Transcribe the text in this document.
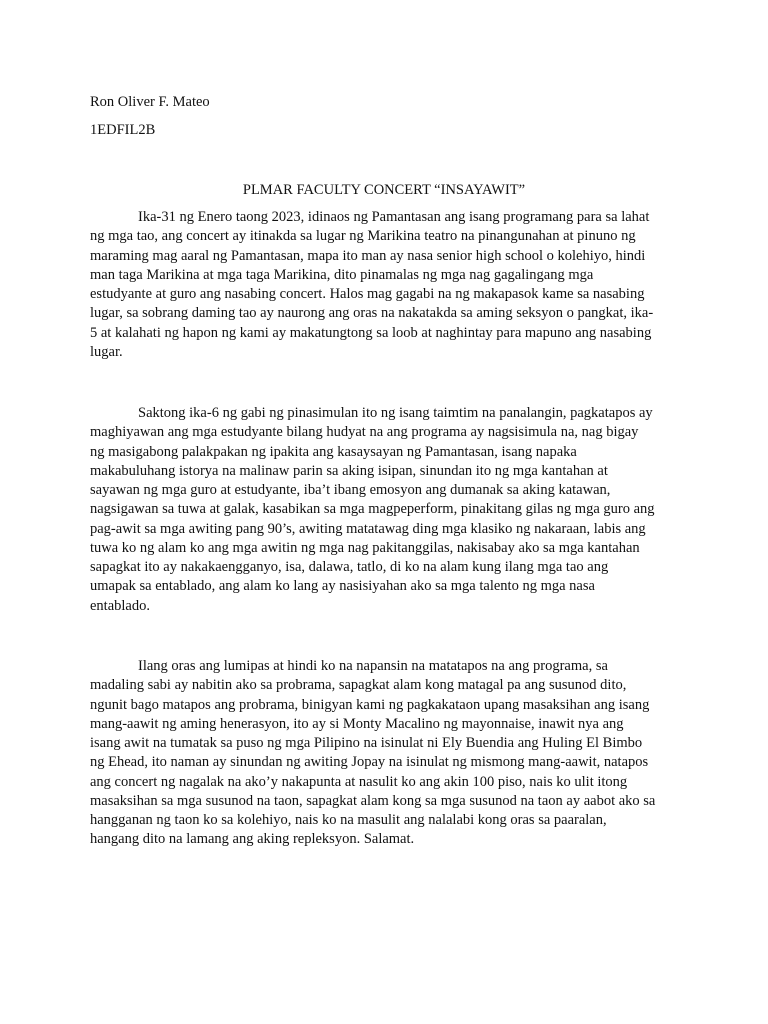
Ron Oliver F. Mateo
1EDFIL2B
PLMAR FACULTY CONCERT “INSAYAWIT”
Ika-31 ng Enero taong 2023, idinaos ng Pamantasan ang isang programang para sa lahat
ng mga tao, ang concert ay itinakda sa lugar ng Marikina teatro na pinangunahan at pinuno ng
maraming mag aaral ng Pamantasan, mapa ito man ay nasa senior high school o kolehiyo, hindi
man taga Marikina at mga taga Marikina, dito pinamalas ng mga nag gagalingang mga
estudyante at guro ang nasabing concert. Halos mag gagabi na ng makapasok kame sa nasabing
lugar, sa sobrang daming tao ay naurong ang oras na nakatakda sa aming seksyon o pangkat, ika-
5 at kalahati ng hapon ng kami ay makatungtong sa loob at naghintay para mapuno ang nasabing
lugar.
Saktong ika-6 ng gabi ng pinasimulan ito ng isang taimtim na panalangin, pagkatapos ay
maghiyawan ang mga estudyante bilang hudyat na ang programa ay nagsisimula na, nag bigay
ng masigabong palakpakan ng ipakita ang kasaysayan ng Pamantasan, isang napaka
makabuluhang istorya na malinaw parin sa aking isipan, sinundan ito ng mga kantahan at
sayawan ng mga guro at estudyante, iba’t ibang emosyon ang dumanak sa aking katawan,
nagsigawan sa tuwa at galak, kasabikan sa mga magpeperform, pinakitang gilas ng mga guro ang
pag-awit sa mga awiting pang 90’s, awiting matatawag ding mga klasiko ng nakaraan, labis ang
tuwa ko ng alam ko ang mga awitin ng mga nag pakitanggilas, nakisabay ako sa mga kantahan
sapagkat ito ay nakakaengganyo, isa, dalawa, tatlo, di ko na alam kung ilang mga tao ang
umapak sa entablado, ang alam ko lang ay nasisiyahan ako sa mga talento ng mga nasa
entablado.
Ilang oras ang lumipas at hindi ko na napansin na matatapos na ang programa, sa
madaling sabi ay nabitin ako sa probrama, sapagkat alam kong matagal pa ang susunod dito,
ngunit bago matapos ang probrama, binigyan kami ng pagkakataon upang masaksihan ang isang
mang-aawit ng aming henerasyon, ito ay si Monty Macalino ng mayonnaise, inawit nya ang
isang awit na tumatak sa puso ng mga Pilipino na isinulat ni Ely Buendia ang Huling El Bimbo
ng Ehead, ito naman ay sinundan ng awiting Jopay na isinulat ng mismong mang-aawit, natapos
ang concert ng nagalak na ako’y nakapunta at nasulit ko ang akin 100 piso, nais ko ulit itong
masaksihan sa mga susunod na taon, sapagkat alam kong sa mga susunod na taon ay aabot ako sa
hangganan ng taon ko sa kolehiyo, nais ko na masulit ang nalalabi kong oras sa paaralan,
hangang dito na lamang ang aking repleksyon. Salamat.
